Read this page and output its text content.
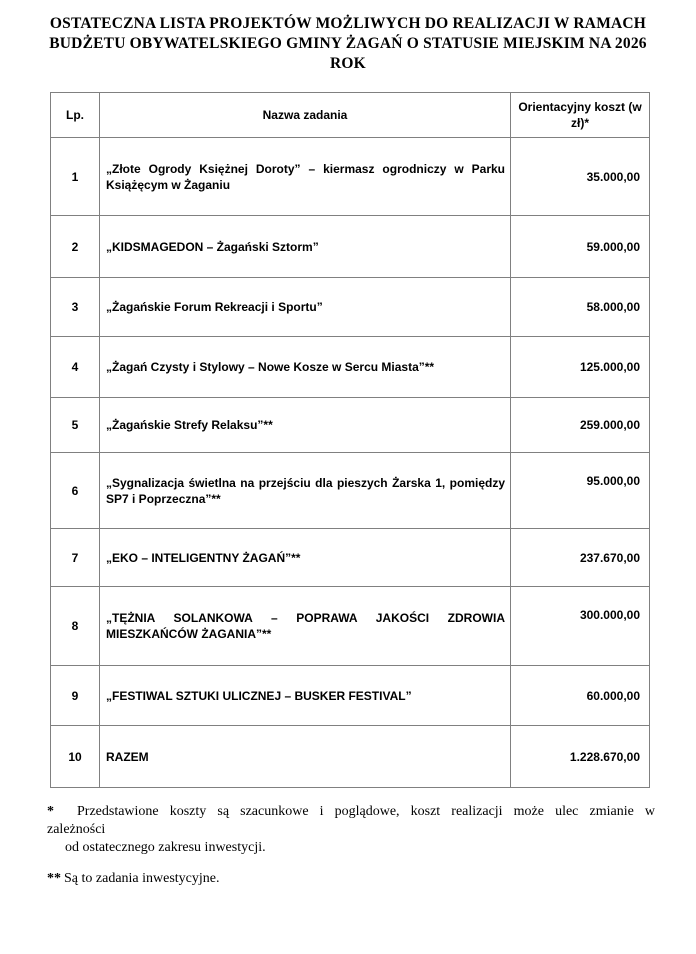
OSTATECZNA LISTA PROJEKTÓW MOŻLIWYCH DO REALIZACJI W RAMACH
BUDŻETU OBYWATELSKIEGO GMINY ŻAGAŃ O STATUSIE MIEJSKIM NA 2026
ROK
Lp.	Nazwa zadania	Orientacyjny koszt (w zł)*
1	„Złote Ogrody Księżnej Doroty” – kiermasz ogrodniczy w Parku Książęcym w Żaganiu	35.000,00
2	„KIDSMAGEDON – Żagański Sztorm”	59.000,00
3	„Żagańskie Forum Rekreacji i Sportu”	58.000,00
4	„Żagań Czysty i Stylowy – Nowe Kosze w Sercu Miasta”**	125.000,00
5	„Żagańskie Strefy Relaksu”**	259.000,00
6	„Sygnalizacja świetlna na przejściu dla pieszych Żarska 1, pomiędzy SP7 i Poprzeczna”**	95.000,00
7	„EKO – INTELIGENTNY ŻAGAŃ”**	237.670,00
8	„TĘŻNIA SOLANKOWA – POPRAWA JAKOŚCI ZDROWIA MIESZKAŃCÓW ŻAGANIA”**	300.000,00
9	„FESTIWAL SZTUKI ULICZNEJ – BUSKER FESTIVAL”	60.000,00
10	RAZEM	1.228.670,00
*	Przedstawione koszty są szacunkowe i poglądowe, koszt realizacji może ulec zmianie w
zależności
od ostatecznego zakresu inwestycji.
** Są to zadania inwestycyjne.
